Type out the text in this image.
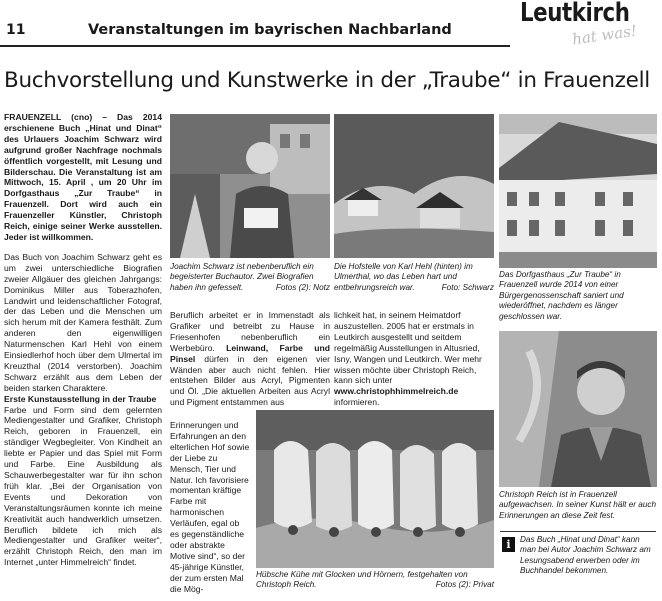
11	Veranstaltungen im bayrischen Nachbarland
Leutkirch
hat was!
Buchvorstellung und Kunstwerke in der „Traube“ in Frauenzell

FRAUENZELL (cno) – Das 2014 erschienene Buch „Hinat und Dinat“ des Urlauers Joachim Schwarz wird aufgrund großer Nachfrage nochmals öffentlich vorgestellt, mit Lesung und Bilderschau. Die Veranstaltung ist am Mittwoch, 15. April , um 20 Uhr im Dorfgasthaus „Zur Traube“ in Frauenzell. Dort wird auch ein Frauenzeller Künstler, Christoph Reich, einige seiner Werke ausstellen. Jeder ist willkommen.

Das Buch von Joachim Schwarz geht es um zwei unterschiedliche Biografien zweier Allgäuer des gleichen Jahrgangs: Dominikus Miller aus Toberazhofen, Landwirt und leidenschaftlicher Fotograf, der das Leben und die Menschen um sich herum mit der Kamera festhält. Zum anderen den eigenwilligen Naturmenschen Karl Hehl von einem Einsiedlerhof hoch über dem Ulmertal im Kreuzthal (2014 verstorben). Joachim Schwarz erzählt aus dem Leben der beiden starken Charaktere.

Erste Kunstausstellung in der Traube

Farbe und Form sind dem gelernten Mediengestalter und Grafiker, Christoph Reich, geboren in Frauenzell, ein ständiger Wegbegleiter. Von Kindheit an liebte er Papier und das Spiel mit Form und Farbe. Eine Ausbildung als Schauwerbegestalter war für ihn schon früh klar. „Bei der Organisation von Events und Dekoration von Veranstaltungsräumen konnte ich meine Kreativität auch handwerklich umsetzen. Beruflich bildete ich mich als Mediengestalter und Grafiker weiter“, erzählt Christoph Reich, den man im Internet „unter Himmelreich“ findet.

Joachim Schwarz ist nebenberuflich ein begeisterter Buchautor. Zwei Biografien haben ihn gefesselt.	Fotos (2): Notz
Die Hofstelle von Karl Hehl (hinten) im Ulmerthal, wo das Leben hart und entbehrungsreich war.	Foto: Schwarz
Das Dorfgasthaus „Zur Traube“ in Frauenzell wurde 2014 von einer Bürgergenossenschaft saniert und wiederöffnet, nachdem es länger geschlossen war.
Beruflich arbeitet er in Immenstadt als Grafiker und betreibt zu Hause in Friesenhofen nebenberuflich ein Werbebüro. Leinwand, Farbe und Pinsel dürfen in den eigenen vier Wänden aber auch nicht fehlen. Hier entstehen Bilder aus Acryl, Pigmenten und Öl. „Die aktuellen Arbeiten aus Acryl und Pigment entstammen aus
Erinnerungen und Erfahrungen an den elterlichen Hof sowie der Liebe zu Mensch, Tier und Natur. Ich favorisiere momentan kräftige Farbe mit harmonischen Verläufen, egal ob es gegenständliche oder abstrakte Motive sind“, so der 45-jährige Künstler, der zum ersten Mal die Mög-
lichkeit hat, in seinem Heimatdorf auszustellen. 2005 hat er erstmals in Leutkirch ausgestellt und seitdem regelmäßig Ausstellungen in Altusried, Isny, Wangen und Leutkirch. Wer mehr wissen möchte über Christoph Reich, kann sich unter www.christophhimmelreich.de informieren.
Hübsche Kühe mit Glocken und Hörnern, festgehalten von Christoph Reich.	Fotos (2): Privat
Christoph Reich ist in Frauenzell aufgewachsen. In seiner Kunst hält er auch Erinnerungen an diese Zeit fest.
i	Das Buch „Hinat und Dinat“ kann man bei Autor Joachim Schwarz am Lesungsabend erwerben oder im Buchhandel bekommen.
